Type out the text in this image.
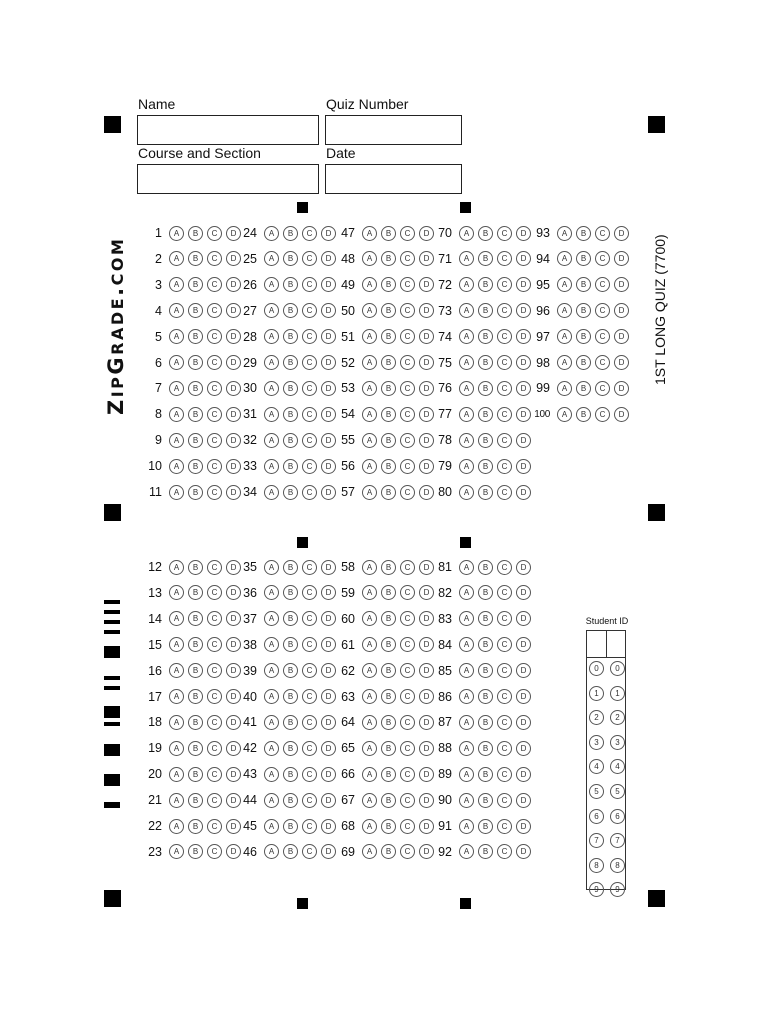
Name	Quiz Number
Course and Section	Date
ZIPGRADE.COM	1ST LONG QUIZ (7700)
1	A	B	C	D
2	A	B	C	D
3	A	B	C	D
4	A	B	C	D
5	A	B	C	D
6	A	B	C	D
7	A	B	C	D
8	A	B	C	D
9	A	B	C	D
10	A	B	C	D
11	A	B	C	D
24	A	B	C	D
25	A	B	C	D
26	A	B	C	D
27	A	B	C	D
28	A	B	C	D
29	A	B	C	D
30	A	B	C	D
31	A	B	C	D
32	A	B	C	D
33	A	B	C	D
34	A	B	C	D
47	A	B	C	D
48	A	B	C	D
49	A	B	C	D
50	A	B	C	D
51	A	B	C	D
52	A	B	C	D
53	A	B	C	D
54	A	B	C	D
55	A	B	C	D
56	A	B	C	D
57	A	B	C	D
70	A	B	C	D
71	A	B	C	D
72	A	B	C	D
73	A	B	C	D
74	A	B	C	D
75	A	B	C	D
76	A	B	C	D
77	A	B	C	D
78	A	B	C	D
79	A	B	C	D
80	A	B	C	D
93	A	B	C	D
94	A	B	C	D
95	A	B	C	D
96	A	B	C	D
97	A	B	C	D
98	A	B	C	D
99	A	B	C	D
100	A	B	C	D
12	A	B	C	D
13	A	B	C	D
14	A	B	C	D
15	A	B	C	D
16	A	B	C	D
17	A	B	C	D
18	A	B	C	D
19	A	B	C	D
20	A	B	C	D
21	A	B	C	D
22	A	B	C	D
23	A	B	C	D
35	A	B	C	D
36	A	B	C	D
37	A	B	C	D
38	A	B	C	D
39	A	B	C	D
40	A	B	C	D
41	A	B	C	D
42	A	B	C	D
43	A	B	C	D
44	A	B	C	D
45	A	B	C	D
46	A	B	C	D
58	A	B	C	D
59	A	B	C	D
60	A	B	C	D
61	A	B	C	D
62	A	B	C	D
63	A	B	C	D
64	A	B	C	D
65	A	B	C	D
66	A	B	C	D
67	A	B	C	D
68	A	B	C	D
69	A	B	C	D
81	A	B	C	D
82	A	B	C	D
83	A	B	C	D
84	A	B	C	D
85	A	B	C	D
86	A	B	C	D
87	A	B	C	D
88	A	B	C	D
89	A	B	C	D
90	A	B	C	D
91	A	B	C	D
92	A	B	C	D
Student ID
0	0
1	1
2	2
3	3
4	4
5	5
6	6
7	7
8	8
9	9
